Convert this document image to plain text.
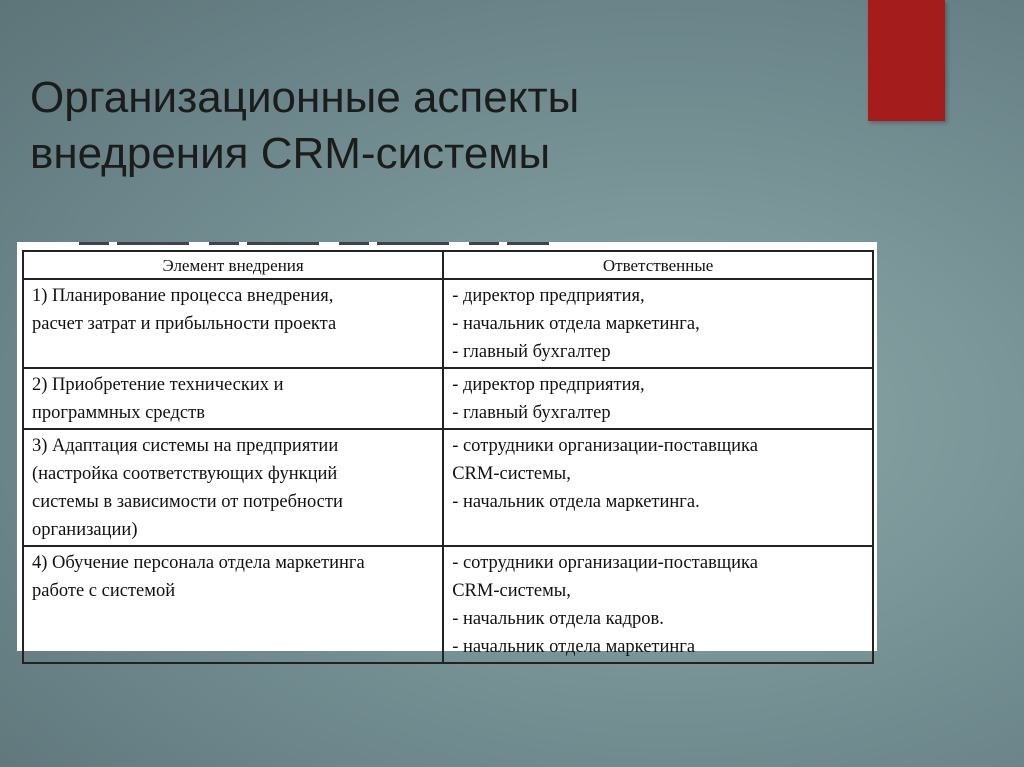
Организационные аспекты
внедрения CRM-системы
Элемент внедрения	Ответственные

1) Планирование процесса внедрения,
расчет затрат и прибыльности проекта	- директор предприятия,
- начальник отдела маркетинга,
- главный бухгалтер

2) Приобретение технических и
программных средств	- директор предприятия,
- главный бухгалтер

3) Адаптация системы на предприятии
(настройка соответствующих функций
системы в зависимости от потребности
организации)	- сотрудники организации-поставщика
CRM-системы,
- начальник отдела маркетинга.

4) Обучение персонала отдела маркетинга
работе с системой	- сотрудники организации-поставщика
CRM-системы,
- начальник отдела кадров.
- начальник отдела маркетинга
